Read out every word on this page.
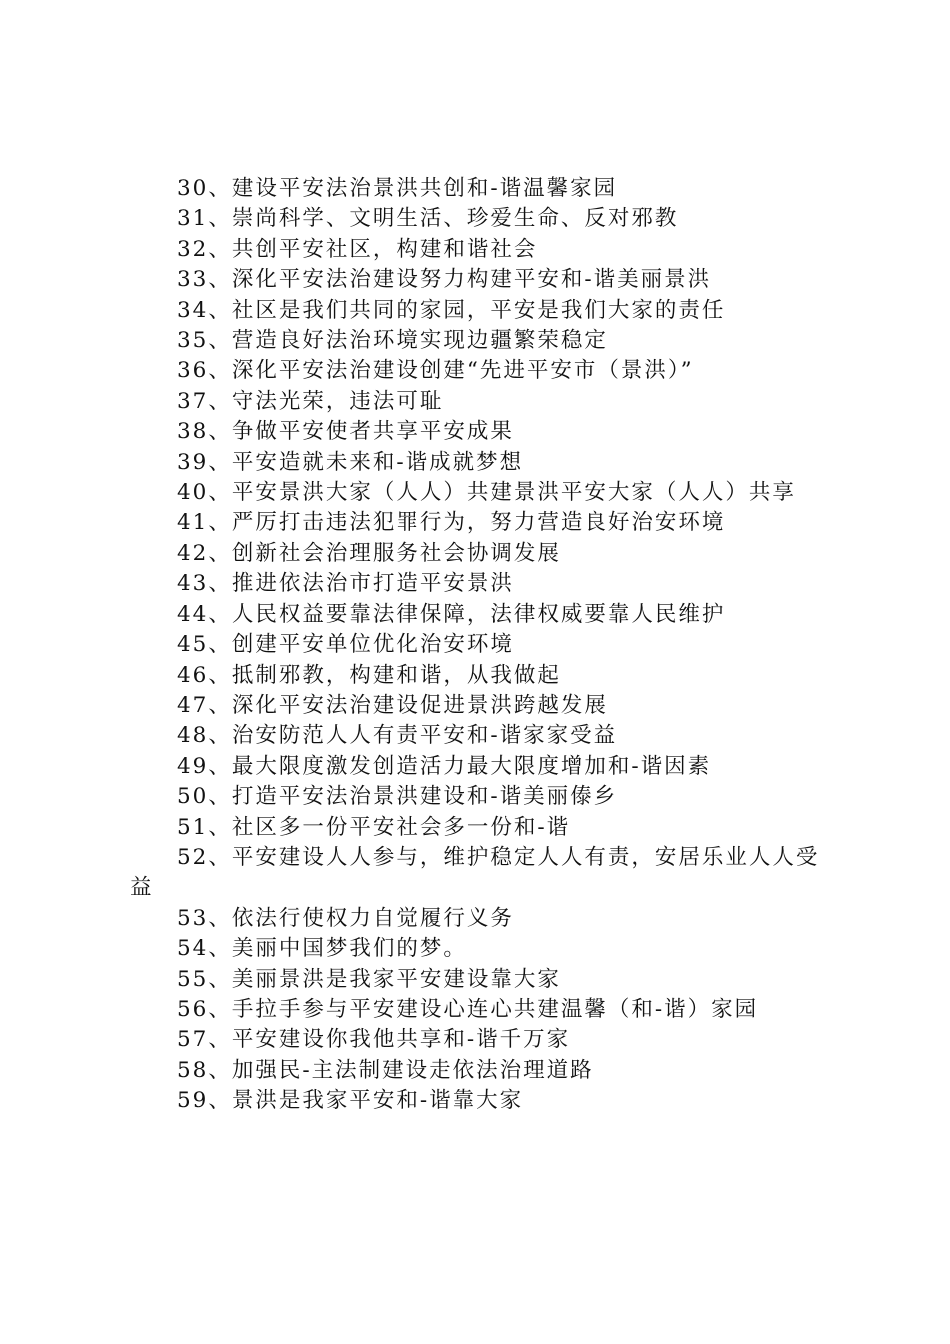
30、建设平安法治景洪共创和-谐温馨家园

31、崇尚科学、文明生活、珍爱生命、反对邪教

32、共创平安社区，构建和谐社会

33、深化平安法治建设努力构建平安和-谐美丽景洪

34、社区是我们共同的家园，平安是我们大家的责任

35、营造良好法治环境实现边疆繁荣稳定

36、深化平安法治建设创建“先进平安市（景洪）”

37、守法光荣，违法可耻

38、争做平安使者共享平安成果

39、平安造就未来和-谐成就梦想

40、平安景洪大家（人人）共建景洪平安大家（人人）共享

41、严厉打击违法犯罪行为，努力营造良好治安环境

42、创新社会治理服务社会协调发展

43、推进依法治市打造平安景洪

44、人民权益要靠法律保障，法律权威要靠人民维护

45、创建平安单位优化治安环境

46、抵制邪教，构建和谐，从我做起

47、深化平安法治建设促进景洪跨越发展

48、治安防范人人有责平安和-谐家家受益

49、最大限度激发创造活力最大限度增加和-谐因素

50、打造平安法治景洪建设和-谐美丽傣乡

51、社区多一份平安社会多一份和-谐

52、平安建设人人参与，维护稳定人人有责，安居乐业人人受益

53、依法行使权力自觉履行义务

54、美丽中国梦我们的梦。

55、美丽景洪是我家平安建设靠大家

56、手拉手参与平安建设心连心共建温馨（和-谐）家园

57、平安建设你我他共享和-谐千万家

58、加强民-主法制建设走依法治理道路

59、景洪是我家平安和-谐靠大家
